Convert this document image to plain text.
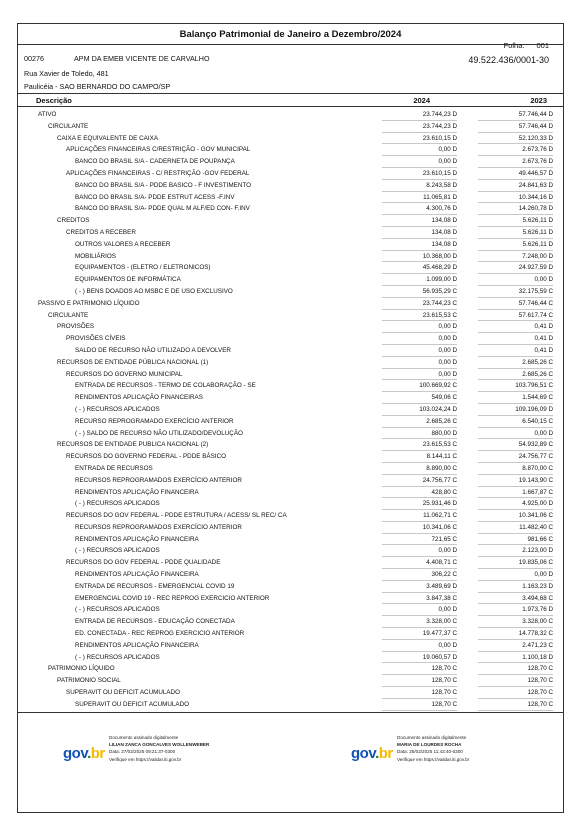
Balanço Patrimonial de Janeiro a Dezembro/2024
Folha: 001
00276	APM DA EMEB VICENTE DE CARVALHO	49.522.436/0001-30
Rua Xavier de Toledo, 481
Paulicéia - SAO BERNARDO DO CAMPO/SP
Descrição	2024	2023
ATIVO	23.744,23 D	57.746,44 D
CIRCULANTE	23.744,23 D	57.746,44 D
CAIXA E EQUIVALENTE DE CAIXA	23.610,15 D	52.120,33 D
APLICAÇÕES FINANCEIRAS C/RESTRIÇÃO - GOV MUNICIPAL	0,00 D	2.673,76 D
BANCO DO BRASIL S/A - CADERNETA DE POUPANÇA	0,00 D	2.673,76 D
APLICAÇÕES FINANCEIRAS - C/ RESTRIÇÃO -GOV FEDERAL	23.610,15 D	49.446,57 D
BANCO DO BRASIL S/A - PDDE BASICO - F INVESTIMENTO	8.243,58 D	24.841,63 D
BANCO DO BRASIL S/A- PDDE ESTRUT ACESS -F.INV	11.065,81 D	10.344,16 D
BANCO DO BRASIL S/A- PDDE QUAL M ALF/ED CON- F.INV	4.300,76 D	14.260,78 D
CREDITOS	134,08 D	5.626,11 D
CREDITOS A RECEBER	134,08 D	5.626,11 D
OUTROS VALORES A RECEBER	134,08 D	5.626,11 D
MOBILIÁRIOS	10.368,00 D	7.248,00 D
EQUIPAMENTOS - (ELETRO / ELETRONICOS)	45.468,29 D	24.927,59 D
EQUIPAMENTOS DE INFORMÁTICA	1.099,00 D	0,00 D
( - ) BENS DOADOS AO MSBC E DE USO EXCLUSIVO	56.935,29 C	32.175,59 C
PASSIVO E PATRIMONIO LÍQUIDO	23.744,23 C	57.746,44 C
CIRCULANTE	23.615,53 C	57.617,74 C
PROVISÕES	0,00 D	0,41 D
PROVISÕES CÍVEIS	0,00 D	0,41 D
SALDO DE RECURSO NÃO UTILIZADO A DEVOLVER	0,00 D	0,41 D
RECURSOS DE ENTIDADE PÚBLICA NACIONAL (1)	0,00 D	2.685,26 C
RECURSOS DO GOVERNO MUNICIPAL	0,00 D	2.685,26 C
ENTRADA DE RECURSOS - TERMO DE COLABORAÇÃO - SE	100.669,92 C	103.796,51 C
RENDIMENTOS APLICAÇÃO FINANCEIRAS	549,06 C	1.544,69 C
( - ) RECURSOS APLICADOS	103.024,24 D	109.196,09 D
RECURSO REPROGRAMADO EXERCÍCIO ANTERIOR	2.685,26 C	6.540,15 C
( - ) SALDO DE RECURSO NÃO UTILIZADO/DEVOLUÇÃO	880,00 D	0,00 D
RECURSOS DE ENTIDADE PUBLICA NACIONAL (2)	23.615,53 C	54.932,89 C
RECURSOS DO GOVERNO FEDERAL - PDDE BÁSICO	8.144,11 C	24.756,77 C
ENTRADA DE RECURSOS	8.890,00 C	8.870,00 C
RECURSOS REPROGRAMADOS EXERCÍCIO ANTERIOR	24.756,77 C	19.143,90 C
RENDIMENTOS APLICAÇÃO FINANCEIRA	428,80 C	1.667,87 C
( - ) RECURSOS APLICADOS	25.931,46 D	4.925,00 D
RECURSOS DO GOV FEDERAL - PDDE ESTRUTURA / ACESS/ SL REC/ CA	11.062,71 C	10.341,06 C
RECURSOS REPROGRAMADOS EXERCÍCIO ANTERIOR	10.341,06 C	11.482,40 C
RENDIMENTOS APLICAÇÃO FINANCEIRA	721,65 C	981,66 C
( - ) RECURSOS APLICADOS	0,00 D	2.123,00 D
RECURSOS DO GOV FEDERAL - PDDE QUALIDADE	4.408,71 C	19.835,06 C
RENDIMENTOS APLICAÇÃO FINANCEIRA	306,22 C	0,00 D
ENTRADA DE RECURSOS - EMERGENCIAL COVID 19	3.489,69 D	1.163,23 D
EMERGENCIAL COVID 19 - REC REPROG EXERCICIO ANTERIOR	3.847,38 C	3.494,68 C
( - ) RECURSOS APLICADOS	0,00 D	1.973,76 D
ENTRADA DE RECURSOS - EDUCAÇÃO CONECTADA	3.328,00 C	3.328,00 C
ED. CONECTADA - REC REPROG EXERCICIO ANTERIOR	19.477,37 C	14.778,32 C
RENDIMENTOS APLICAÇÃO FINANCEIRA	0,00 D	2.471,23 C
( - ) RECURSOS APLICADOS	19.060,57 D	1.100,18 D
PATRIMONIO LÍQUIDO	128,70 C	128,70 C
PATRIMONIO SOCIAL	128,70 C	128,70 C
SUPERAVIT OU DEFICIT ACUMULADO	128,70 C	128,70 C
SUPERAVIT OU DEFICIT ACUMULADO	128,70 C	128,70 C
gov.br
Documento assinado digitalmente
LILIAN ZANCA GONCALVES WOLLENWEBER
Data: 27/02/2025 09:21:37-0300
Verifique em https://validar.iti.gov.br	gov.br
Documento assinado digitalmente
MARIA DE LOURDES ROCHA
Data: 25/02/2025 11:43:40-0300
Verifique em https://validar.iti.gov.br
